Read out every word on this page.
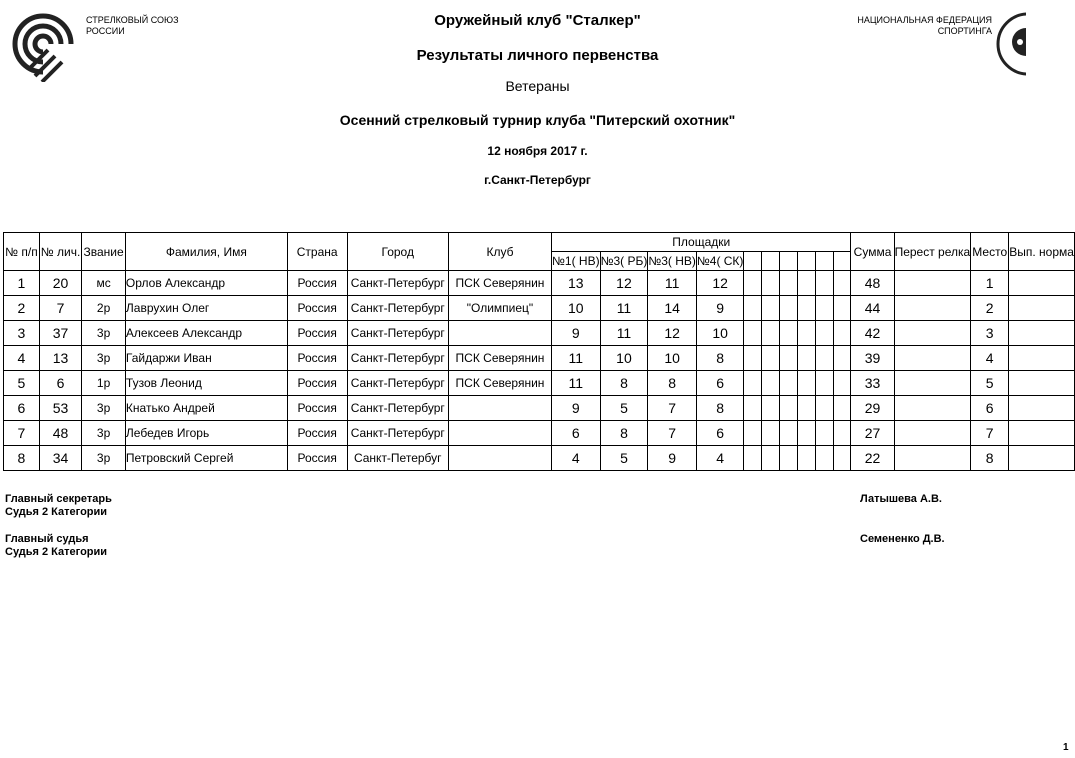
СТРЕЛКОВЫЙ СОЮЗ
РОССИИ
НАЦИОНАЛЬНАЯ ФЕДЕРАЦИЯ
СПОРТИНГА
Оружейный клуб "Сталкер"
Результаты личного первенства
Ветераны
Осенний стрелковый турнир клуба "Питерский охотник"
12 ноября 2017 г.
г.Санкт-Петербург
№ п/п	№ лич.	Звание	Фамилия, Имя	Страна	Город	Клуб	Площадки										Сумма	Перест релка	Место	Вып. норма
							№1( НВ)	№3( РБ)	№3( НВ)	№4( СК)										
1	20	мс	Орлов Александр	Россия	Санкт-Петербург	ПСК Северянин	13	12	11	12							48		1	
2	7	2р	Лаврухин Олег	Россия	Санкт-Петербург	"Олимпиец"	10	11	14	9							44		2	
3	37	3р	Алексеев Александр	Россия	Санкт-Петербург		9	11	12	10							42		3	
4	13	3р	Гайдаржи Иван	Россия	Санкт-Петербург	ПСК Северянин	11	10	10	8							39		4	
5	6	1р	Тузов Леонид	Россия	Санкт-Петербург	ПСК Северянин	11	8	8	6							33		5	
6	53	3р	Кнатько Андрей	Россия	Санкт-Петербург		9	5	7	8							29		6	
7	48	3р	Лебедев Игорь	Россия	Санкт-Петербург		6	8	7	6							27		7	
8	34	3р	Петровский Сергей	Россия	Санкт-Петербуг		4	5	9	4							22		8	
Главный секретарь
Судья 2 Категории
Латышева А.В.
Главный судья
Судья 2 Категории
Семененко Д.В.
1
